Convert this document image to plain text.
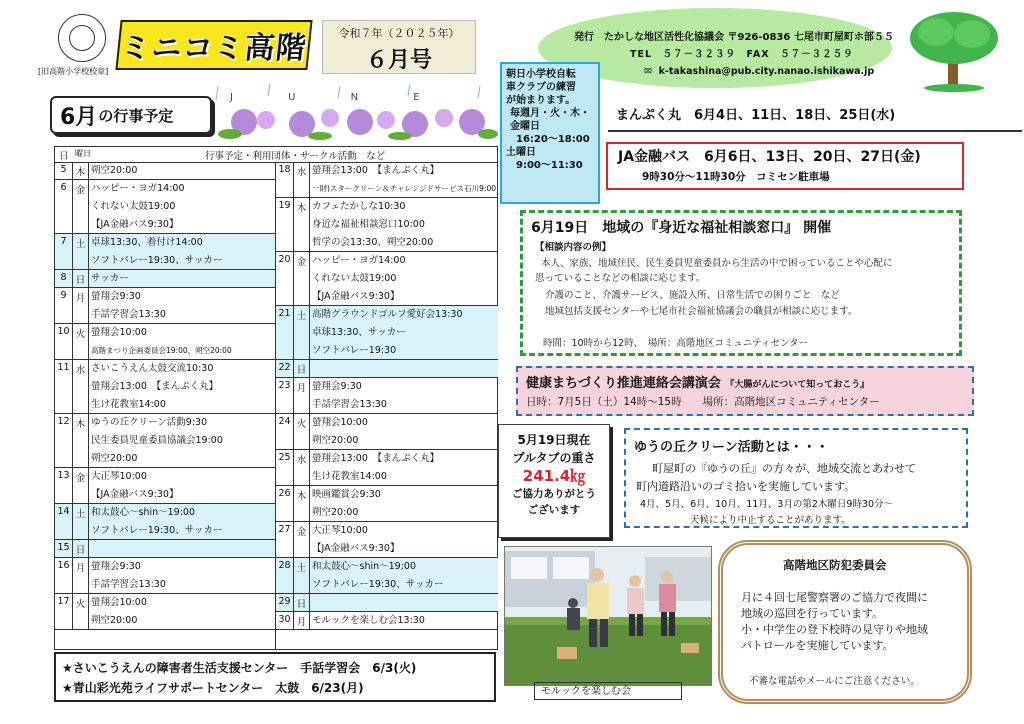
[旧高階小学校校章]
ミニコミ高階	令和７年（２０２５年）
６月号
発行　たかしな地区活性化協議会 〒926-0836 七尾市町屋町ホ部５５
TEL　５７－３２３９　FAX　５７－３２５９
✉ k-takashina@pub.city.nanao.ishikawa.jp
6月 の行事予定
J U N E
日 曜日	行事予定・利用団体・サークル活動　など
5 木 朔空20:00
6 金 ハッピー・ヨガ14:00
くれない太鼓19:00
【JA金融バス9:30】
7 土 卓球13:30、着付け14:00
ソフトバレー19:30、サッカー
8 日 サッカー
9 月 螢翔会9:30
手話学習会13:30
10 火 螢翔会10:00
高階まつり企画委員会19:00、朔空20:00
11 水 さいこうえん太鼓交流10:30
螢翔会13:00　【まんぷく丸】
生け花教室14:00
12 木 ゆうの丘クリーン活動9:30
民生委員児童委員協議会19:00
朔空20:00
13 金 大正琴10:00
【JA金融バス9:30】
14 土 和太鼓心～shin～19:00
ソフトバレー19:30、サッカー
15 日
16 月 螢翔会9:30
手話学習会13:30
17 火 螢翔会10:00
朔空20:00
18 水 螢翔会13:00　【まんぷく丸】
一財)スタークリーン＆チャレンジドサービス石川9:00
19 木 カフェたかしな10:30
身近な福祉相談窓口10:00
哲学の会13:30、朔空20:00
20 金 ハッピー・ヨガ14:00
くれない太鼓19:00
【JA金融バス9:30】
21 土 高階グラウンドゴルフ愛好会13:30
卓球13:30、サッカー
ソフトバレー19:30
22 日
23 月 螢翔会9:30
手話学習会13:30
24 火 螢翔会10:00
朔空20:00
25 水 螢翔会13:00　【まんぷく丸】
生け花教室14:00
26 木 映画鑑賞会9:30
朔空20:00
27 金 大正琴10:00
【JA金融バス9:30】
28 土 和太鼓心～shin～19:00
ソフトバレー19:30、サッカー
29 日
30 月 モルックを楽しむ会13:30
★さいこうえんの障害者生活支援センター　手話学習会　6/3(火)
★青山彩光苑ライフサポートセンター　太鼓　6/23(月)
朝日小学校自転
車クラブの練習
が始まります。
毎週月・火・木・
金曜日
16:20～18:00
土曜日
9:00～11:30
まんぷく丸　6月4日、11日、18日、25日(水)
JA金融バス　6月6日、13日、20日、27日(金)
9時30分～11時30分　コミセン駐車場
6月19日　地域の『身近な福祉相談窓口』 開催
【相談内容の例】
本人、家族、地域住民、民生委員児童委員から生活の中で困っていることや心配に
思っていることなどの相談に応じます。
介護のこと、介護サービス、施設入所、日常生活での困りごと　など
地域包括支援センターや七尾市社会福祉協議会の職員が相談に応じます。
時間：10時から12時、　場所：高階地区コミュニティセンター
健康まちづくり推進連絡会講演会 『大腸がんについて知っておこう』
日時：7月5日（土）14時～15時　　場所：高階地区コミュニティセンター
5月19日現在
プルタブの重さ
241.4㎏
ご協力ありがとう
ございます
ゆうの丘クリーン活動とは・・・
町屋町の『ゆうの丘』の方々が、地域交流とあわせて
町内道路沿いのゴミ拾いを実施しています。
4月、5月、6月、10月、11月、3月の第2木曜日9時30分～
天候により中止することがあります。
モルックを楽しむ会
高階地区防犯委員会
月に４回七尾警察署のご協力で夜間に
地域の巡回を行っています。
小・中学生の登下校時の見守りや地域
パトロールを実施しています。
不審な電話やメールにご注意ください。
